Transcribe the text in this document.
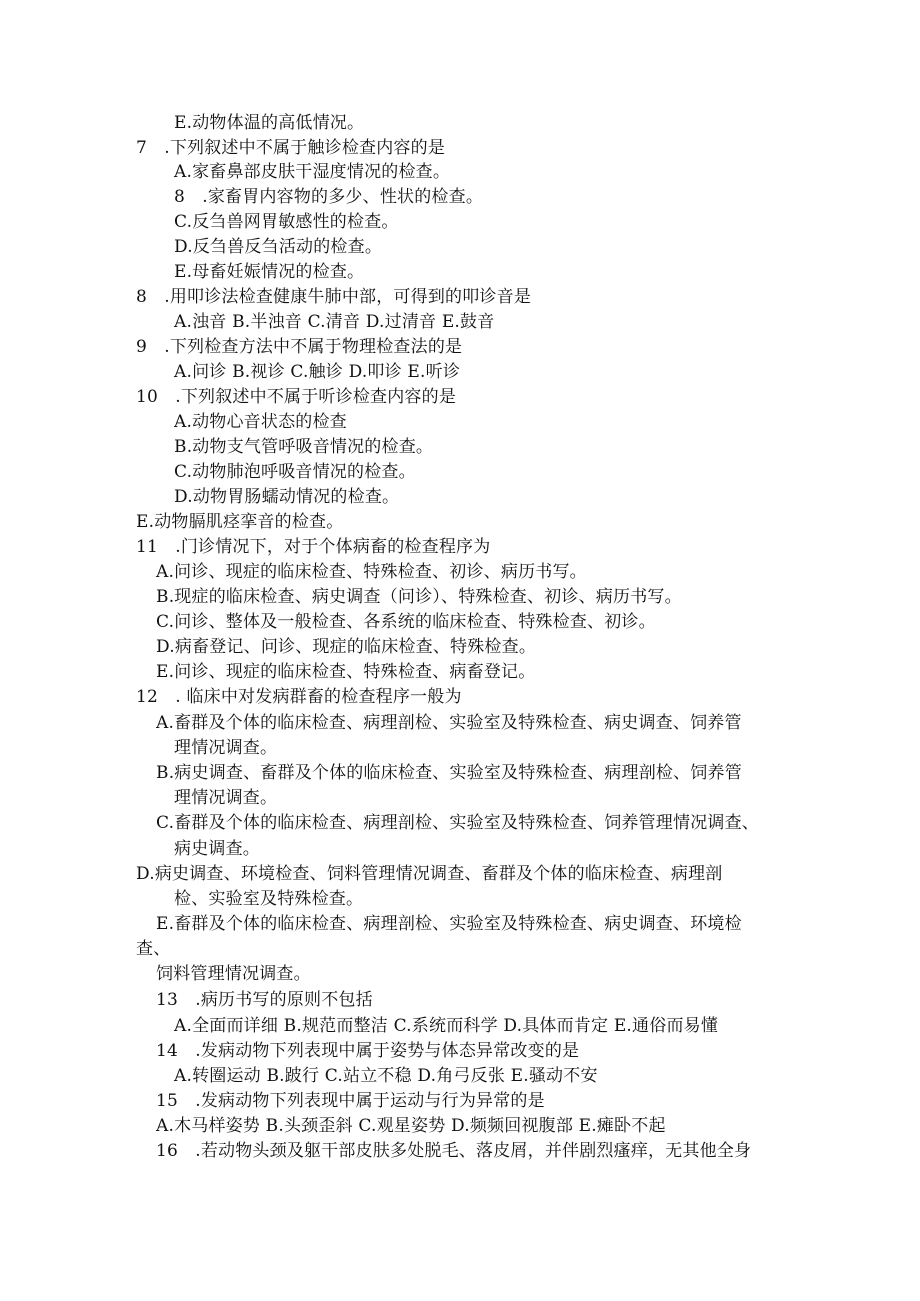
E.动物体温的高低情况。
7　.下列叙述中不属于触诊检查内容的是
A.家畜鼻部皮肤干湿度情况的检查。
8　.家畜胃内容物的多少、性状的检查。
C.反刍兽网胃敏感性的检查。
D.反刍兽反刍活动的检查。
E.母畜妊娠情况的检查。
8　.用叩诊法检查健康牛肺中部，可得到的叩诊音是
A.浊音 B.半浊音 C.清音 D.过清音 E.鼓音
9　.下列检查方法中不属于物理检查法的是
A.问诊 B.视诊 C.触诊 D.叩诊 E.听诊
10　.下列叙述中不属于听诊检查内容的是
A.动物心音状态的检查
B.动物支气管呼吸音情况的检查。
C.动物肺泡呼吸音情况的检查。
D.动物胃肠蠕动情况的检查。
E.动物膈肌痉挛音的检查。
11　.门诊情况下，对于个体病畜的检查程序为
A.问诊、现症的临床检查、特殊检查、初诊、病历书写。
B.现症的临床检查、病史调查（问诊）、特殊检查、初诊、病历书写。
C.问诊、整体及一般检查、各系统的临床检查、特殊检查、初诊。
D.病畜登记、问诊、现症的临床检查、特殊检查。
E.问诊、现症的临床检查、特殊检查、病畜登记。
12　. 临床中对发病群畜的检查程序一般为
A.畜群及个体的临床检查、病理剖检、实验室及特殊检查、病史调查、饲养管
理情况调查。
B.病史调查、畜群及个体的临床检查、实验室及特殊检查、病理剖检、饲养管
理情况调查。
C.畜群及个体的临床检查、病理剖检、实验室及特殊检查、饲养管理情况调查、
病史调查。
D.病史调查、环境检查、饲料管理情况调查、畜群及个体的临床检查、病理剖
检、实验室及特殊检查。
E.畜群及个体的临床检查、病理剖检、实验室及特殊检查、病史调查、环境检
查、
饲料管理情况调查。
13　.病历书写的原则不包括
A.全面而详细 B.规范而整洁 C.系统而科学 D.具体而肯定 E.通俗而易懂
14　.发病动物下列表现中属于姿势与体态异常改变的是
A.转圈运动 B.跛行 C.站立不稳 D.角弓反张 E.骚动不安
15　.发病动物下列表现中属于运动与行为异常的是
A.木马样姿势 B.头颈歪斜 C.观星姿势 D.频频回视腹部 E.瘫卧不起
16　.若动物头颈及躯干部皮肤多处脱毛、落皮屑，并伴剧烈瘙痒，无其他全身
